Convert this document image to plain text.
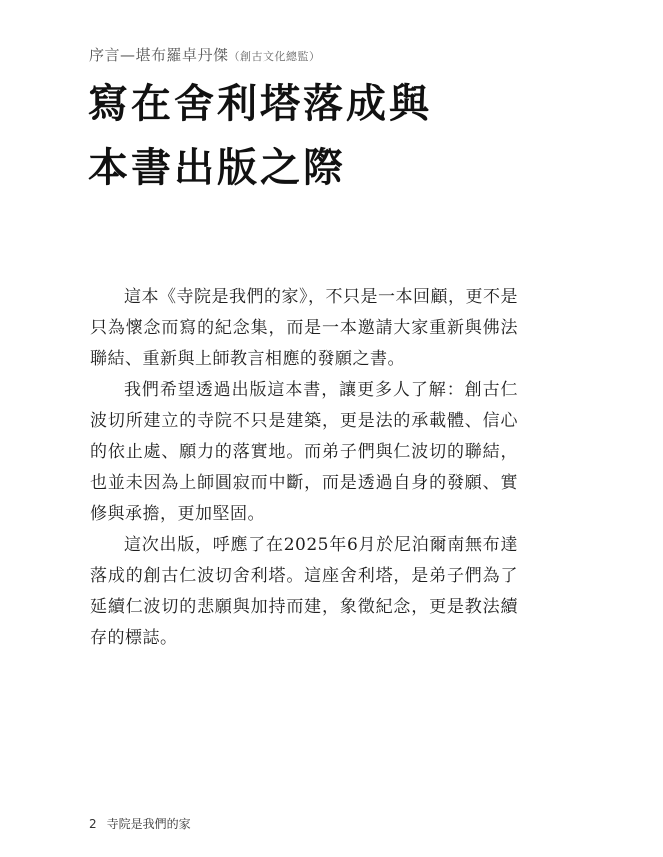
序言—堪布羅卓丹傑（創古文化總監）
寫在舍利塔落成與
本書出版之際

這本《寺院是我們的家》，不只是一本回顧，更不是只為懷念而寫的紀念集，而是一本邀請大家重新與佛法聯結、重新與上師教言相應的發願之書。

我們希望透過出版這本書，讓更多人了解：創古仁波切所建立的寺院不只是建築，更是法的承載體、信心的依止處、願力的落實地。而弟子們與仁波切的聯結，也並未因為上師圓寂而中斷，而是透過自身的發願、實修與承擔，更加堅固。

這次出版，呼應了在2025年6月於尼泊爾南無布達落成的創古仁波切舍利塔。這座舍利塔，是弟子們為了延續仁波切的悲願與加持而建，象徵紀念，更是教法續存的標誌。

2 寺院是我們的家
